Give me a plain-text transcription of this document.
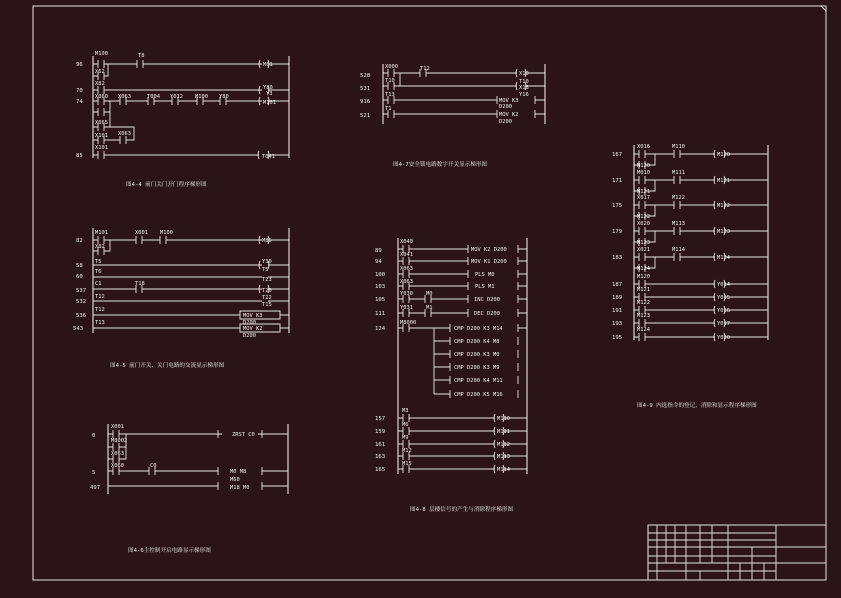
96
M100	T8
X62
M81
70
X82
Y80
Y3
74
X060 X063	T004 Y012 M100 Y80
M101
X065
X101 X063
85
X101
T041
图4-4 前门关门开门程序梯形图
82
M101	X001 M100
X82
M85
58
T5	Y30
T5
60
T6
T23
537
C1	T18
T20
532
T12	T22
T15
536
T12
MOV K3
D200
543
T13
MOV K2
D200
图4-5 前门开关、关门电路的交流显示梯形图
0
X001
M8002
X063
ZRST C0
5
X060	C0
M0 M8
M60
497	M18 M0
图4-6主控制开启电路显示梯形图
528
X000	T12
X10
531
T10	T10
X18
Y16
916
T13
MOV K3
D200
521
T1
MOV K2
D200
图4-7安全锁电路数字开关显示梯形图
89
X040
MOV K2 D200
94
X041
MOV K1 D200
100
X063
PLS M0
103
X063
PLS M1
105
Y030 M0
INC D200
111
Y031 M1
DEC D200
124
M8000
CMP D200 K3 M14
CMP D200 K4 M8
CMP D200 K3 M0
CMP D200 K3 M9
CMP D200 K4 M11
CMP D200 K5 M16
157
M3
M110
159
M6
M111
161
M9
M112
163
M12
M113
165
M15
M114
图4-8 层楼信号的产生与消除程序梯形图
167
X016	M110
M120
M120
171
M010	M111
M121
M121
175
X017	M122
M122
M122
179
X020	M113
M123
M123
183
X021	M114
M124
M124
187
M120
Y014
189
M121
Y015
191
M122
Y016
193
M123
Y017
195
M124
Y020
图4-9 内选指令的登记、消除和显示程序梯形图
